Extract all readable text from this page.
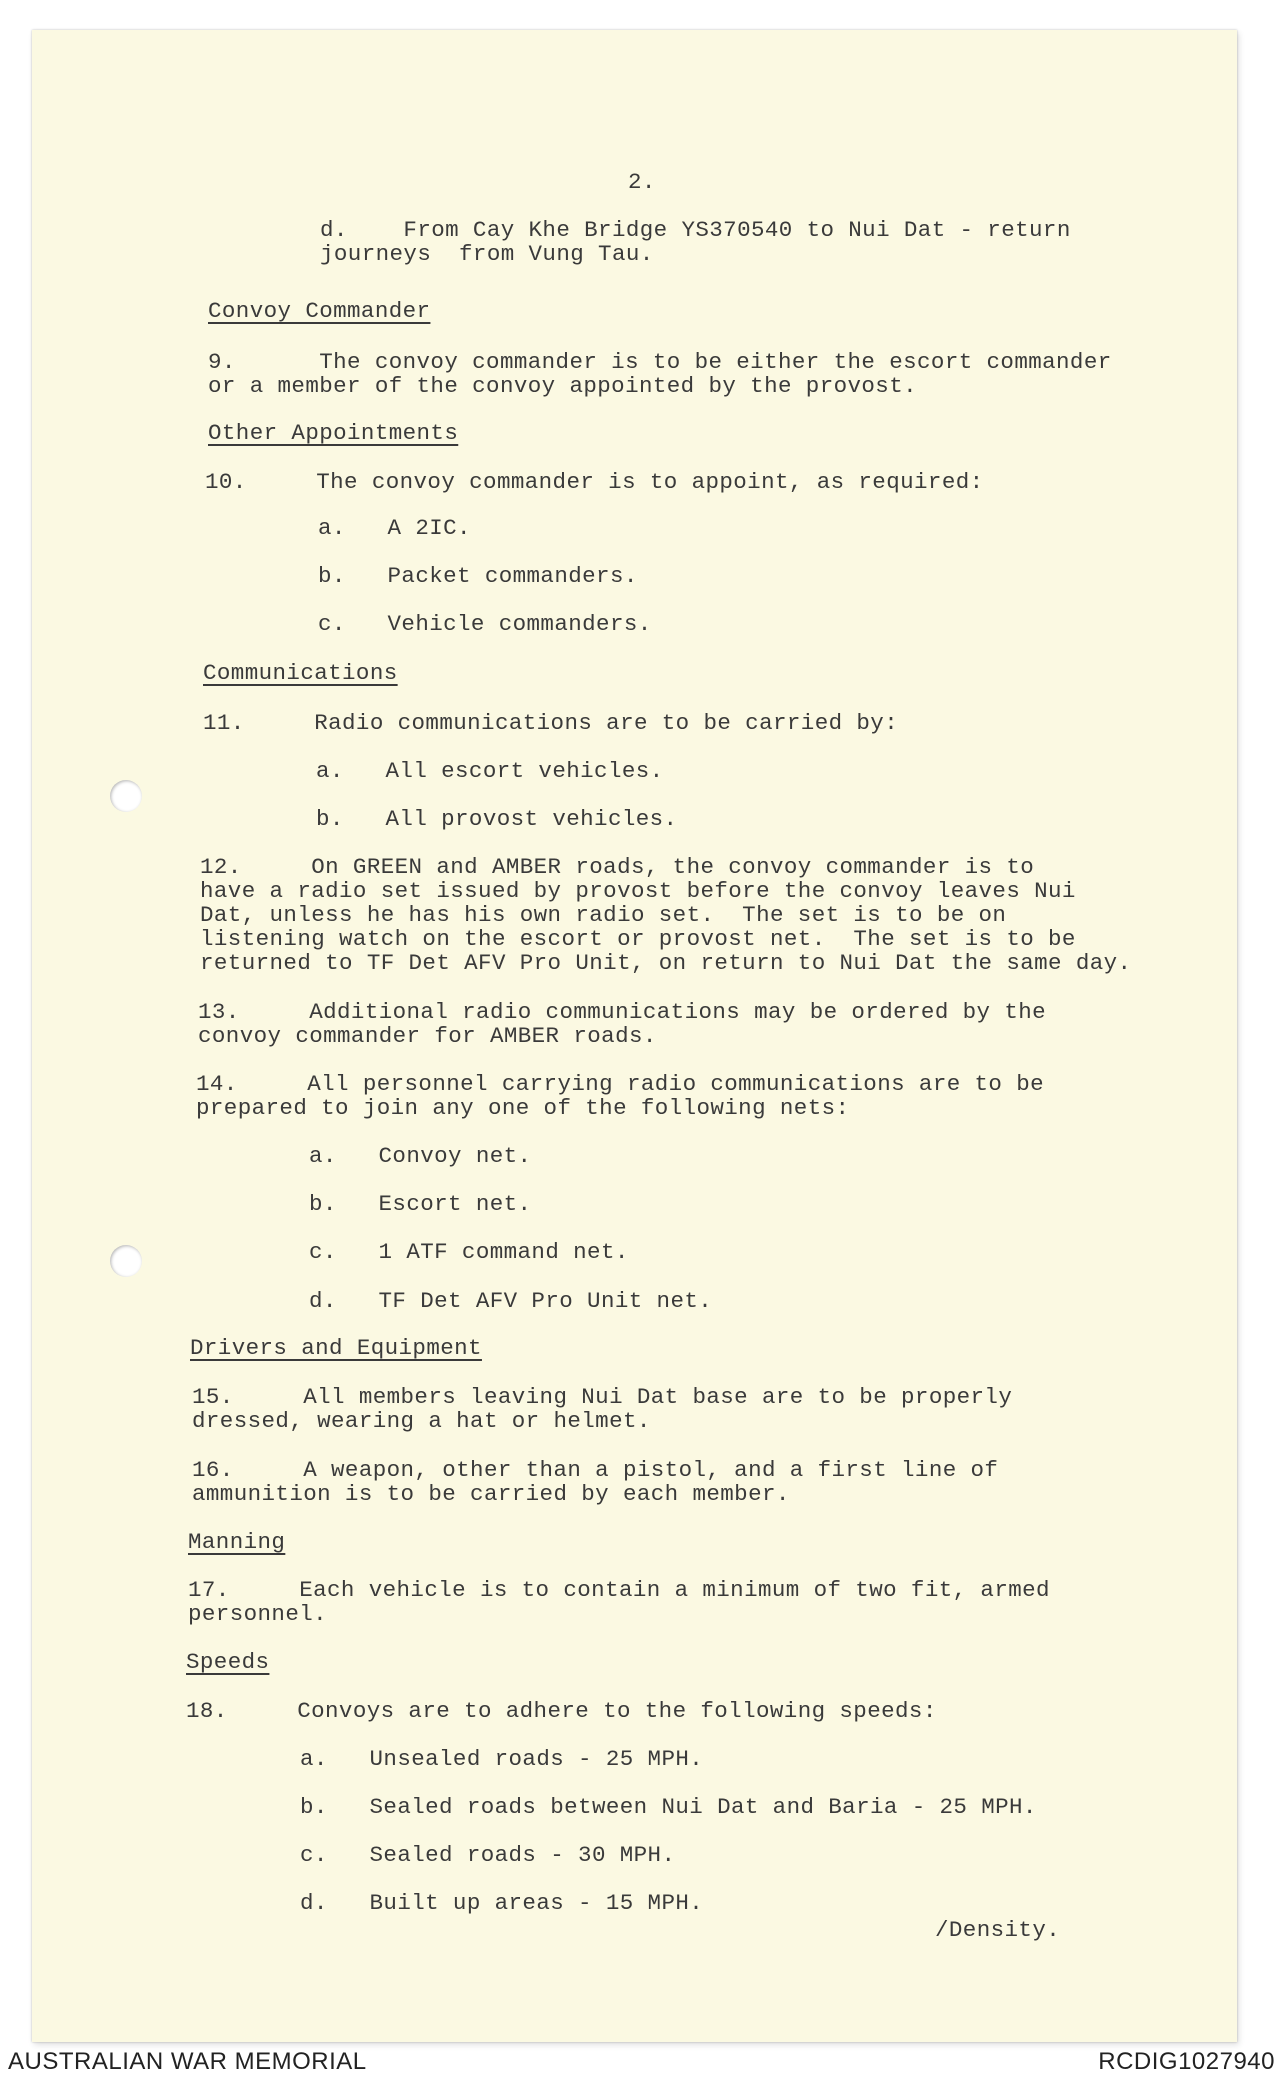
2.
d.    From Cay Khe Bridge YS370540 to Nui Dat - return
journeys  from Vung Tau.
Convoy Commander
9.      The convoy commander is to be either the escort commander
or a member of the convoy appointed by the provost.
Other Appointments
10.     The convoy commander is to appoint, as required:
a.   A 2IC.
b.   Packet commanders.
c.   Vehicle commanders.
Communications
11.     Radio communications are to be carried by:
a.   All escort vehicles.
b.   All provost vehicles.
12.     On GREEN and AMBER roads, the convoy commander is to
have a radio set issued by provost before the convoy leaves Nui
Dat, unless he has his own radio set.  The set is to be on
listening watch on the escort or provost net.  The set is to be
returned to TF Det AFV Pro Unit, on return to Nui Dat the same day.
13.     Additional radio communications may be ordered by the
convoy commander for AMBER roads.
14.     All personnel carrying radio communications are to be
prepared to join any one of the following nets:
a.   Convoy net.
b.   Escort net.
c.   1 ATF command net.
d.   TF Det AFV Pro Unit net.
Drivers and Equipment
15.     All members leaving Nui Dat base are to be properly
dressed, wearing a hat or helmet.
16.     A weapon, other than a pistol, and a first line of
ammunition is to be carried by each member.
Manning
17.     Each vehicle is to contain a minimum of two fit, armed
personnel.
Speeds
18.     Convoys are to adhere to the following speeds:
a.   Unsealed roads - 25 MPH.
b.   Sealed roads between Nui Dat and Baria - 25 MPH.
c.   Sealed roads - 30 MPH.
d.   Built up areas - 15 MPH.
/Density.
AUSTRALIAN WAR MEMORIAL	RCDIG1027940
